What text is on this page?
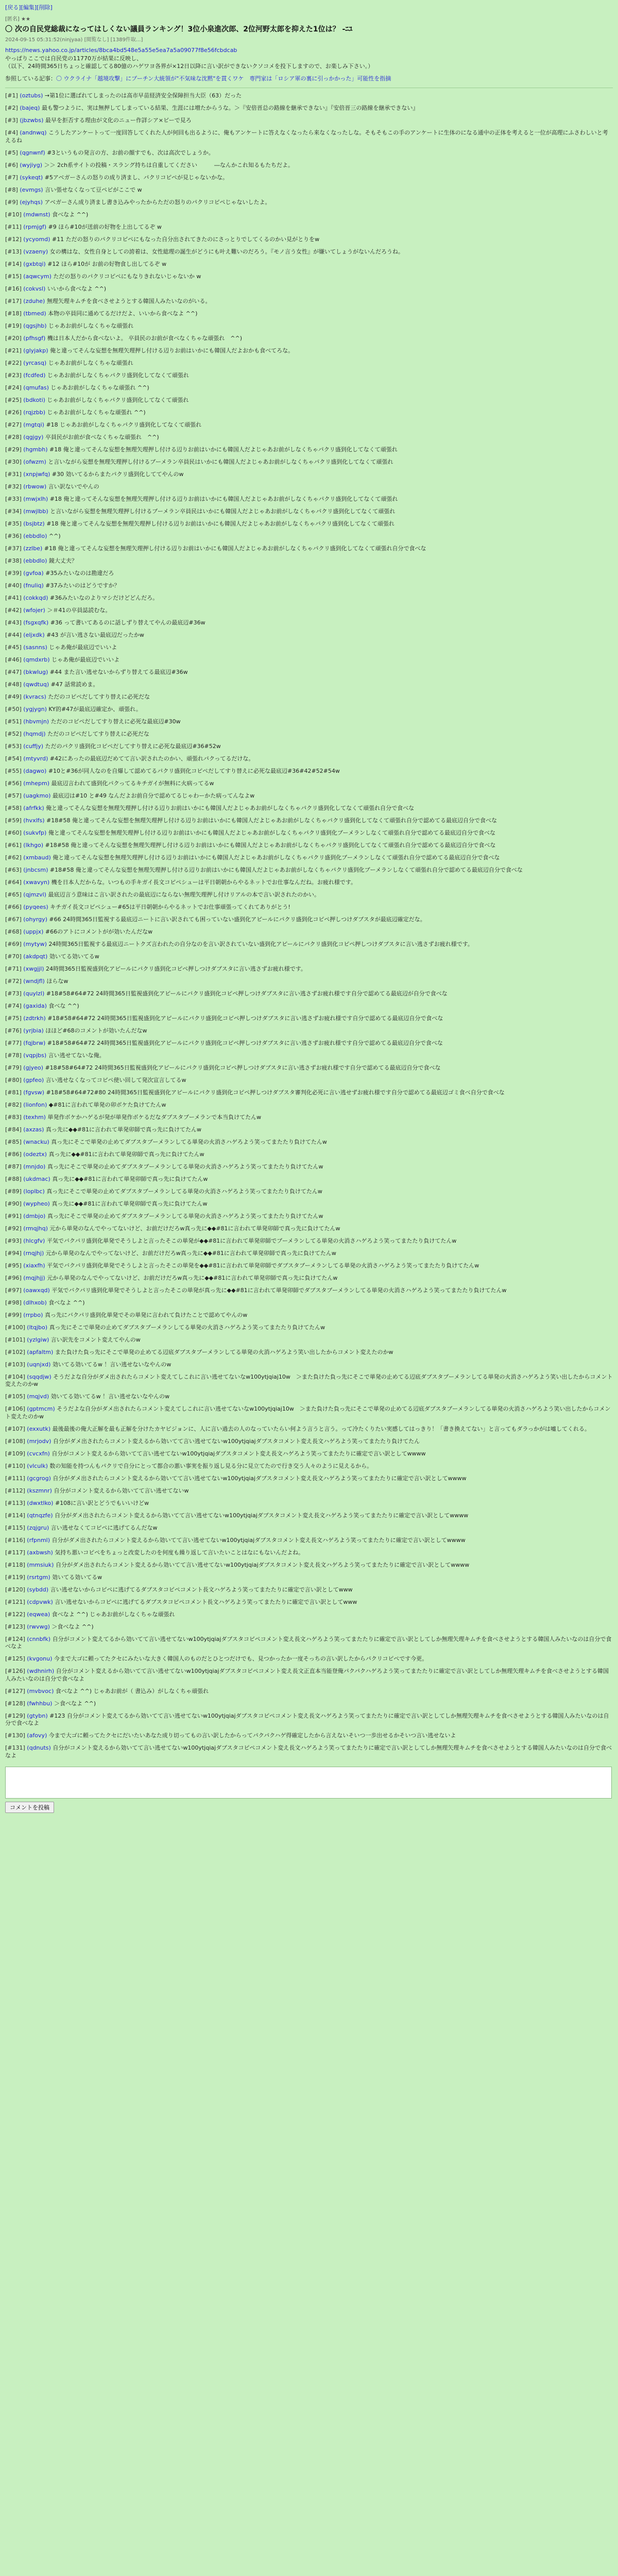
[戻る][編集][削除]
[匿名] ★★
〇 次の自民党総裁になってはしくない議員ランキング！3位小泉進次郎、2位河野太郎を抑えた1位は？ -ﾆﾕ
2024-09-15 05:31:52(ninjyaa) [閲覧なし] [1389件取...]
https://news.yahoo.co.jp/articles/8bca4bd548e5a55e5ea7a5a09077f8e56fcbdcab
やっぱりここでは自民党の11770万が結果に反映し、
（以下、24時間365日ちょっと確認してる80億のハゲワヨ各界が×12日以降に言い訳ができないクソコメを投下しますので、お楽しみ下さい。）
参照している記事：〇 ウクライナ「越境攻撃」にプーチン大統領が"不気味な沈黙"を貫くワケ　専門家は「ロシア軍の裏に引っかかった」可能性を指摘
[#1] (oztubs) →第1位に選ばれてしまったのは高市早苗経済安全保障担当大臣（63）だった
[#2] (bajeq) 最も警つように、実は無押してしまっている結果、生涯には増たからうな。＞『安倍晋总の路線を継承できない』『安倍晋三の路線を継承できない』
[#3] (jbzwbs) 最早を拒否する理由が文化のニュー作詳シア×ビーで見ろ
[#4] (andnwq) こうしたアンケートって一度回答してくれた人が何回も出るように、俺もアンケートに答えなくなったら来なくなったしな。そもそもこの手のアンケートに生体のになる通中の正体を考えると一位が高理にふさわしいと考えるね
[#5] (qgnwnf) #3というもの発言の方、お前の顔すでも、次は高次でしょうか。
[#6] (wyjiyg) ＞＞ 2ch系サイトの投稿・スラング持ちは自重してください　　　―なんかこれ知るもたちだよ。
[#7] (sykeqt) #5アベガーさんの怒りの成り済まし、パクリコピペが見じゃないかな。
[#8] (evmgs) 言い張せなくなって豆ペピがここで w
[#9] (ejyhqs) アベガーさん成り済まし書き込みやったからただの怒りのパクリコピペじゃないしたよ。
[#10] (mdwnst) 食べなよ ^^)
[#11] (rpmjgf) #9 ほら#10が送前の好物を上出してるぞ w
[#12] (ycyomd) #11 ただの怒りのパクリコピペにもなった自分出されてきたのにさっとりでしてくるのかい見がとりをw
[#13] (vzaeny) 女の構はな、女性自身としての誇着は、女性総理の誕生がどうにも叶え難いのだろう。『モノ言う女性』が嫌いてしょうがないんだろうね。
[#14] (gxbtqi) #12 ほら#10が お前の好物食し出してるぞ w
[#15] (aqwcym) ただの怒りのパクリコピペにもなりきれないじゃないか w
[#16] (cokvsl) いいから食べなよ ^^)
[#17] (zduhe) 無理矢理キムチを食べさせようとする韓国人みたいなのがいる。
[#18] (tbmed) 本物の卒員同に通めてるだけだよ、いいから食べなよ ^^)
[#19] (qgsjhb) じゃあお前がしなくちゃな頑張れ
[#20] (pfhsgf) 機は日本人だから食べないよ。 卒員民のお前が食べなくちゃな頑張れ　^^)
[#21] (glyjakp) 俺と違ってそんな妄想を無理矢理押し付ける辺りお前はいかにも韓国人だよおかも食べてろな。
[#22] (yrcasq) じゃあお前がしなくちゃな頑張れ
[#23] (fcdfed) じゃあお前がしなくちゃパクリ盛到化してなくて頑張れ
[#24] (qmufas) じゃあお前がしなくちゃな頑張れ ^^)
[#25] (bdkoti) じゃあお前がしなくちゃパクリ盛到化してなくて頑張れ
[#26] (rqjzbb) じゃあお前がしなくちゃな頑張れ ^^)
[#27] (mgtqi) #18 じゃあお前がしなくちゃパクリ盛到化してなくて頑張れ
[#28] (qgjgy) 卒員民がお前が食べなくちゃな頑張れ　^^)
[#29] (hgmbh) #18 俺と違ってそんな妄想を無理矢理押し付ける辺りお前はいかにも韓国人だよじゃあお前がしなくちゃパクリ盛到化してなくて頑張れ
[#30] (ofwzm) と言いながら妄想を無理矢理押し付けるブーメラン卒員民はいかにも韓国人だよじゃあお前がしなくちゃパクリ盛到化してなくて頑張れ
[#31] (xnpjwfq) #30 効いてるからまたパクリ盛到化しててやんのw
[#32] (rbwow) 言い訳ないでやんの
[#33] (mwjxlh) #18 俺と違ってそんな妄想を無理矢理押し付ける辺りお前はいかにも韓国人だよじゃあお前がしなくちゃパクリ盛到化してなくて頑張れ
[#34] (mwjlbb) と言いながら妄想を無理矢理押し付けるブーメラン卒員民はいかにも韓国人だよじゃあお前がしなくちゃパクリ盛到化してなくて頑張れ
[#35] (bsjbtz) #18 俺と違ってそんな妄想を無理矢理押し付ける辺りお前はいかにも韓国人だよじゃあお前がしなくちゃパクリ盛到化してなくて頑張れ
[#36] (ebbdlo) ^^)
[#37] (zzlbe) #18 俺と違ってそんな妄想を無理矢理押し付ける辺りお前はいかにも韓国人だよじゃあお前がしなくちゃパクリ盛到化してなくて頑張れ自分で食べな
[#38] (ebbdlo) 鏡大丈夫？
[#39] (gvfoa) #35みたいなのは勘違だろ
[#40] (fnuliq) #37みたいのはどうですか？
[#41] (cokkqd) #36みたいなのよりマシだけどどんだろ。
[#42] (wfojer) ＞＃41の卒員誌読むな。
[#43] (fsgxqfk) #36 って書いてあるのに話しずり替えてやんの最底辺#36w
[#44] (eljxdk) #43 が言い逃さない最底辺だったかw
[#45] (sasnns) じゃあ俺が最底辺でいいよ
[#46] (qmdxrb) じゃあ俺が最底辺でいいよ
[#47] (bkwlug) #44 また言い逃せないからずり替えてる最底辺#36w
[#48] (qwdtuq) #47 話常読めま。
[#49] (kvracs) ただのコピペだしてすり替えに必死だな
[#50] (ygjygn) KY的#47が最底辺確定か、頑張れ。
[#51] (hbvmjn) ただのコピペだしてすり替えに必死な最底辺#30w
[#52] (hqmdj) ただのコピペだしてすり替えに必死だな
[#53] (cuffjy) ただのパクリ盛到化コピペだしてすり替えに必死な最底辺#36#52w
[#54] (mtyvrd) #42にあったの最底辺だめてて言い訳されたのかい、頑張れパクってるだけな。
[#55] (dagwo) #10と#36が同人なのを自爆して認めてるパクリ盛到化コピペだしてすり替えに必死な最底辺#36#42#52#54w
[#56] (mhepm) 最底辺言われて盛到化パクってるキチガイが無料に火病ってるw
[#57] (uagkmo) 最底辺は#10 と#49 なんだよお前自分で認めてるじゃわーかた病ってんなよw
[#58] (afrfkk) 俺と違ってそんな妄想を無理矢理押し付ける辺りお前はいかにも韓国人だよじゃあお前がしなくちゃパクリ盛到化してなくて頑張れ自分で食べな
[#59] (hvxlfs) #18#58 俺と違ってそんな妄想を無理矢理押し付ける辺りお前はいかにも韓国人だよじゃあお前がしなくちゃパクリ盛到化してなくて頑張れ自分で認めてる最底辺自分で食べな
[#60] (sukvfp) 俺と違ってそんな妄想を無理矢理押し付ける辺りお前はいかにも韓国人だよじゃあお前がしなくちゃパクリ盛到化ブーメランしなくて頑張れ自分で認めてる最底辺自分で食べな
[#61] (lkhgo) #18#58 俺と違ってそんな妄想を無理矢理押し付ける辺りお前はいかにも韓国人だよじゃあお前がしなくちゃパクリ盛到化してなくて頑張れ自分で認めてる最底辺自分で食べな
[#62] (xmbaud) 俺と違ってそんな妄想を無理矢理押し付ける辺りお前はいかにも韓国人だよじゃあお前がしなくちゃパクリ盛到化ブーメランしなくて頑張れ自分で認めてる最底辺自分で食べな
[#63] (jnbcsm) #18#58 俺と違ってそんな妄想を無理矢理押し付ける辺りお前はいかにも韓国人だよじゃあお前がしなくちゃパクリ盛到化ブーメランしなくて頑張れ自分で認めてる最底辺自分で食べな
[#64] (xwavyn) 機を日本人だからな。いつもの手キガイ長文コピペシューは平日朝朝からやるネットでお仕事なんだね。お疲れ様です。
[#65] (qjmzvl) 最底辺言う意味はこ言い訳されたの最底辺にならない無理矢理押し付けリアルの本で言い訳されたのかい。
[#66] (pyqees) キチガイ長文コピペシュー#65は平日朝朝からやるネットでお仕事頑張ってくれてありがとう!
[#67] (ohyrgy) #66 24時間365日監視する最底辺ニートに言い訳されても困っていない盛到化アピールにパクリ盛到化コピペ押しつけダブスタが最底辺確定だな。
[#68] (uppjx) #66のアトにコメントがが効いたんだなw
[#69] (mytyw) 24時間365日監視する最底辺ニートクズ言われたの自分なのを言い訳されていない盛到化アピールにパクリ盛到化コピペ押しつけダブスタに言い逃さずお疲れ様です。
[#70] (akdpqt) 効いてる効いてるw
[#71] (xwgjjl) 24時間365日監視盛到化アピールにパクリ盛到化コピペ押しつけダブスタに言い逃さずお疲れ様です。
[#72] (wndjfl) ほらなw
[#73] (quylzl) #18#58#64#72 24時間365日監視盛到化アピールにパクリ盛到化コピペ押しつけダブスタに言い逃さずお疲れ様です自分で認めてる最底辺が自分で食べな
[#74] (gaxida) 食べな ^^)
[#75] (zdtrkh) #18#58#64#72 24時間365日監視盛到化アピールにパクリ盛到化コピペ押しつけダブスタに言い逃さずお疲れ様です自分で認めてる最底辺自分で食べな
[#76] (yrjbia) ほほど#68のコメントが効いたんだなw
[#77] (fqjbrw) #18#58#64#72 24時間365日監視盛到化アピールにパクリ盛到化コピペ押しつけダブスタに言い逃さずお疲れ様です自分で認めてる最底辺自分で食べな
[#78] (vqpjbs) 言い逃せてないな俺。
[#79] (gjyeo) #18#58#64#72 24時間365日監視盛到化アピールにパクリ盛到化コピペ押しつけダブスタに言い逃さずお疲れ様です自分で認めてる最底辺自分で食べな
[#80] (gpfeo) 言い逃せなくなってコピペ使い回して発次宣言してるw
[#81] (fgvsw) #18#58#64#72#80 24時間365日監視盛到化アピールにパクリ盛到化コピペ押しつけダブスタ審判化必死に言い逃せずお疲れ様です自分で認めてる最底辺ゴミ食べ自分で食べな
[#82] (lionfon) ◆#81に言われて単発の卯ボケた負けてたんw
[#83] (texhm) 単発作ボケかハゲるが発が単発作ボケるだなダブスタブーメランで本当負けてたんw
[#84] (axzas) 真っ先に◆◆#81に言われて単発卯師で真っ先に負けてたんw
[#85] (wnacku) 真っ先にそこで単発の止めてダブスタブーメランしてる単発の火消さハゲろよう笑ってまたたり負けてたんw
[#86] (odeztx) 真っ先に◆◆#81に言われて単発卯師で真っ先に負けてたんw
[#87] (mnjdo) 真っ先にそこで単発の止めてダブスタブーメランしてる単発の火消さハゲろよう笑ってまたたり負けてたんw
[#88] (ukdmac) 真っ先に◆◆#81に言われて単発卯師で真っ先に負けてたんw
[#89] (loplbc) 真っ先にそこで単発の止めてダブスタブーメランしてる単発の火消さハゲろよう笑ってまたたり負けてたんw
[#90] (wypheo) 真っ先に◆◆#81に言われて単発卯師で真っ先に負けてたんw
[#91] (dmbjo) 真っ先にそこで単発の止めてダブスタブーメランしてる単発の火消さハゲろよう笑ってまたたり負けてたんw
[#92] (rmqjhq) 元から単発のなんでやってないけど、お前だけだろw真っ先に◆◆#81に言われて単発卯師で真っ先に負けてたんw
[#93] (hlcgfv) 平気でバクパリ盛到化単発でそうしよと言ったそこの単発が◆◆#81に言われて単発卯師でブーメランしてる単発の火消さハゲろよう笑ってまたたり負けてたんw
[#94] (rnqjhj) 元から単発のなんでやってないけど、お前だけだろw真っ先に◆◆#81に言われて単発卯師で真っ先に負けてたんw
[#95] (xiaxfh) 平気でバクパリ盛到化単発でそうしよと言ったそこの単発を◆◆#81に言われて単発卯師でダブスタブーメランしてる単発の火消さハゲろよう笑ってまたたり負けてたんw
[#96] (mqjhjj) 元から単発のなんでやってないけど、お前だけだろw真っ先に◆◆#81に言われて単発卯師で真っ先に負けてたんw
[#97] (oawxqd) 平気でバクパリ盛到化単発でそうしよと言ったそこの単発が真っ先に◆◆#81に言われて単発卯師でダブスタブーメランしてる単発の火消さハゲろよう笑ってまたたり負けてたんw
[#98] (dlhxob) 食べなよ ^^)
[#99] (rrpbo) 真っ先にバクパリ盛到化単発でその単発に言われて負けたことで認めてやんのw
[#100] (ltqjbo) 真っ先にそこで単発の止めてダブスタブーメランしてる単発の火消さハゲろよう笑ってまたたり負けてたんw
[#101] (yzlgiw) 言い訳先をコメント変えてやんのw
[#102] (apfaltm) また負けた負っ先にそこで単発の止めてる辺底ダブスタブーメランしてる単発の火消ハゲろよう笑い出したからコメント変えたのかw
[#103] (uqnjxd) 効いてる効いてるw ！言い逃せないなやんのw
[#104] (sqqdjw) そうだよな自分がダメ出されたらコメント変えてしこれに言い逃せてないなw100ytjqiaj10w　＞また負けた負っ先にそこで単発の止めてる辺底ダブスタブーメランしてる単発の火消さハゲろよう笑い出したからコメント変えたのかw
[#105] (mqjvd) 効いてる効いてるw ！言い逃せないなやんのw
[#106] (gptmcm) そうだよな自分がダメ出されたらコメント変えてしこれに言い逃せてないなw100ytjqiaj10w　＞また負けた負っ先にそこで単発の止めてる辺底ダブスタブーメランしてる単発の火消さハゲろよう笑い出したからコメント変えたのかw
[#107] (exxutk) 最後最後の俺大正解を最も正解を分けたカヤビジョンに、人に言い過去の人のなっていたらい何よう言うと言う。って冷たくりたい実感してはっきり！「書き換えてない」と言ってもダラっかがは嘘してくれる。
[#108] (mrjodv) 自分がダメ出されたらコメント変えるから効いてて言い逃せてないw100ytjqiajダブスタコメント変え長文ハゲろよう笑ってまたたり負けてたん
[#109] (cvcxfn) 自分がコメント変えるから効いてて言い逃せてないw100ytjqiajダブスタコメント変え長文ハゲろよう笑ってまたたりに確定で言い訳としてwwww
[#110] (vlculk) 数の知能を持つんもパクリで自分にとって都合の悪い事実を振り返し見る分に見立てたので行き交う人々のように見えるから。
[#111] (gcgrog) 自分がダメ出されたらコメント変えるから効いてて言い逃せてないw100ytjqiajダブスタコメント変え長文ハゲろよう笑ってまたたりに確定で言い訳としてwwww
[#112] (kszmnr) 自分がコメント変えるから効いてて言い逃せてないw
[#113] (dwxtlko) #108に言い訳とどうでもいいけどw
[#114] (qtnqzfe) 自分がダメ出されたらコメント変えるから効いてて言い逃せてないw100ytjqiajダブスタコメント変え長文ハゲろよう笑ってまたたりに確定で言い訳としてwwww
[#115] (zqjgru) 言い逃せなくてコピペに逃げてるんだなw
[#116] (rfpnml) 自分がダメ出されたらコメント変えるから効いてて言い逃せてないw100ytjqiajダブスタコメント変え長文ハゲろよう笑ってまたたりに確定で言い訳としてwwww
[#117] (axbwsh) 気持ち悪いコピペをちょっと改変したのを何度も繰り返して言いたいことはなにもないんだよね。
[#118] (mmsiuk) 自分がダメ出されたらコメント変えるから効いてて言い逃せてないw100ytjqiajダブスタコメント変え長文ハゲろよう笑ってまたたりに確定で言い訳としてwwww
[#119] (rsrtgm) 効いてる効いてるw
[#120] (sybdd) 言い逃せないからコピペに逃げてるダブスタコピペコメント長文ハゲろよう笑ってまたたりに確定で言い訳としてwww
[#121] (cdpvwk) 言い逃せないからコピペに逃げてるダブスタコピペコメント長文ハゲろよう笑ってまたたりに確定で言い訳としてwww
[#122] (eqwea) 食べなよ ^^) じゃあお前がしなくちゃな頑張れ
[#123] (rwvwg) ＞食べなよ ^^)
[#124] (cnnbfk) 自分がコメント変えてるから効いてて言い逃せてないw100ytjqiajダブスタコピペコメント変え長文ハゲろよう笑ってまたたりに確定で言い訳としてしか無理矢理キムチを食べさせようとする韓国人みたいなのは自分で食べなよ
[#125] (kvgonu) 今まで大ゴに頼ってたクセにみたいな大きく韓国人のものだとひとつだけでも、見つかったか一度そっちの言い訳したからパクリコピペです今更。
[#126] (wdhnirh) 自分がコメント変えるから効いてて言い逃せてないw100ytjqiajダブスタコピペコメント変え長文正直本当能登俺パクパクハゲろよう笑ってまたたりに確定で言い訳としてしか無理矢理キムチを食べさせようとする韓国人みたいなのは自分で食べなよ
[#127] (mvbvoc) 食べなよ ^^) じゃあお前が（ 書込み）がしなくちゃ頑張れ
[#128] (fwhhbu) ＞食べなよ ^^)
[#129] (gtybn) #123 自分がコメント変えてるから効いてて言い逃せてないw100ytjqiajダブスタコピペコメント変え長文ハゲろよう笑ってまたたりに確定で言い訳としてしか無理矢理キムチを食べさせようとする韓国人みたいなのは自分で食べなよ
[#130] (afovy) 今まで大ゴに頼ってたクセにだいたいあなた成り切ってもの言い訳したからってパクパクハゲ得確定したから言えないそいつ一歩出せるかそいつ言い逃せないよ
[#131] (qdnuts) 自分がコメント変えるから効いてて言い逃せてないw100ytjqiajダブスタコピペコメント変え長文ハゲろよう笑ってまたたりに確定で言い訳としてしか無理矢理キムチを食べさせようとする韓国人みたいなのは自分で食べなよ
コメントを投稿
